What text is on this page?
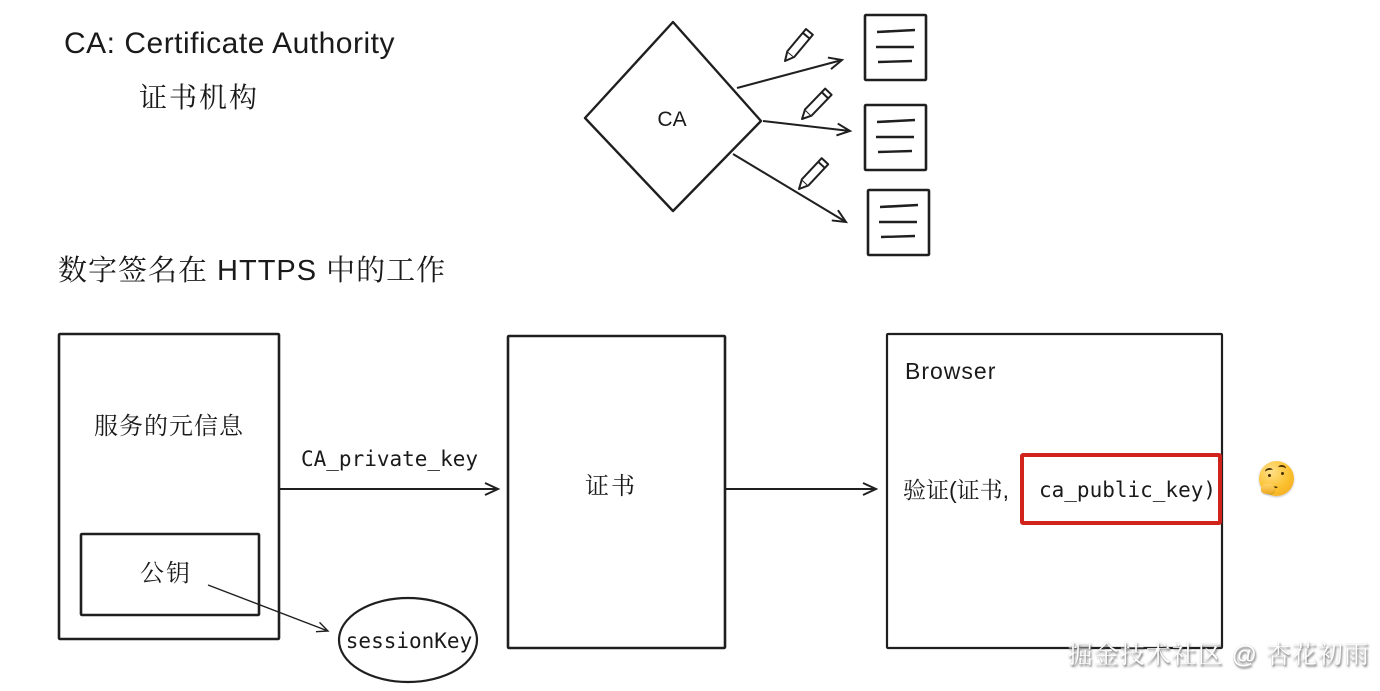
CA: Certificate Authority
证书机构
CA
数字签名在 HTTPS 中的工作
服务的元信息
公钥
CA_private_key
证书
Browser
验证(证书, ca_public_key)
sessionKey
掘金技术社区 @ 杏花初雨
